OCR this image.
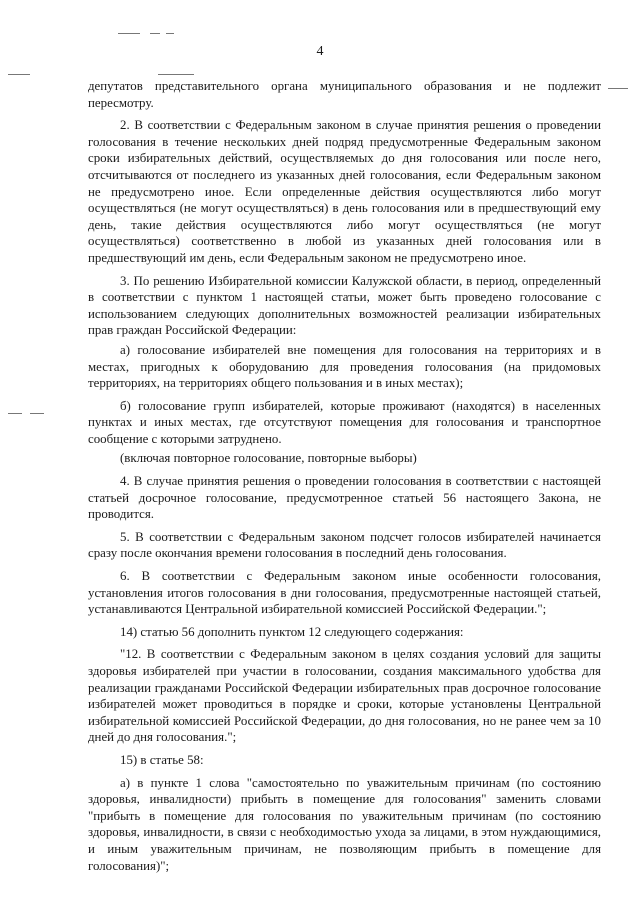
4

депутатов представительного органа муниципального образования и не подлежит пересмотру.

2. В соответствии с Федеральным законом в случае принятия решения о проведении голосования в течение нескольких дней подряд предусмотренные Федеральным законом сроки избирательных действий, осуществляемых до дня голосования или после него, отсчитываются от последнего из указанных дней голосования, если Федеральным законом не предусмотрено иное. Если определенные действия осуществляются либо могут осуществляться (не могут осуществляться) в день голосования или в предшествующий ему день, такие действия осуществляются либо могут осуществляться (не могут осуществляться) соответственно в любой из указанных дней голосования или в предшествующий им день, если Федеральным законом не предусмотрено иное.

3. По решению Избирательной комиссии Калужской области, в период, определенный в соответствии с пунктом 1 настоящей статьи, может быть проведено голосование с использованием следующих дополнительных возможностей реализации избирательных прав граждан Российской Федерации:

а) голосование избирателей вне помещения для голосования на территориях и в местах, пригодных к оборудованию для проведения голосования (на придомовых территориях, на территориях общего пользования и в иных местах);

б) голосование групп избирателей, которые проживают (находятся) в населенных пунктах и иных местах, где отсутствуют помещения для голосования и транспортное сообщение с которыми затруднено.

(включая повторное голосование, повторные выборы)

4. В случае принятия решения о проведении голосования в соответствии с настоящей статьей досрочное голосование, предусмотренное статьей 56 настоящего Закона, не проводится.

5. В соответствии с Федеральным законом подсчет голосов избирателей начинается сразу после окончания времени голосования в последний день голосования.

6. В соответствии с Федеральным законом иные особенности голосования, установления итогов голосования в дни голосования, предусмотренные настоящей статьей, устанавливаются Центральной избирательной комиссией Российской Федерации.";

14) статью 56 дополнить пунктом 12 следующего содержания:

"12. В соответствии с Федеральным законом в целях создания условий для защиты здоровья избирателей при участии в голосовании, создания максимального удобства для реализации гражданами Российской Федерации избирательных прав досрочное голосование избирателей может проводиться в порядке и сроки, которые установлены Центральной избирательной комиссией Российской Федерации, до дня голосования, но не ранее чем за 10 дней до дня голосования.";

15) в статье 58:

а) в пункте 1 слова "самостоятельно по уважительным причинам (по состоянию здоровья, инвалидности) прибыть в помещение для голосования" заменить словами "прибыть в помещение для голосования по уважительным причинам (по состоянию здоровья, инвалидности, в связи с необходимостью ухода за лицами, в этом нуждающимися, и иным уважительным причинам, не позволяющим прибыть в помещение для голосования)";
